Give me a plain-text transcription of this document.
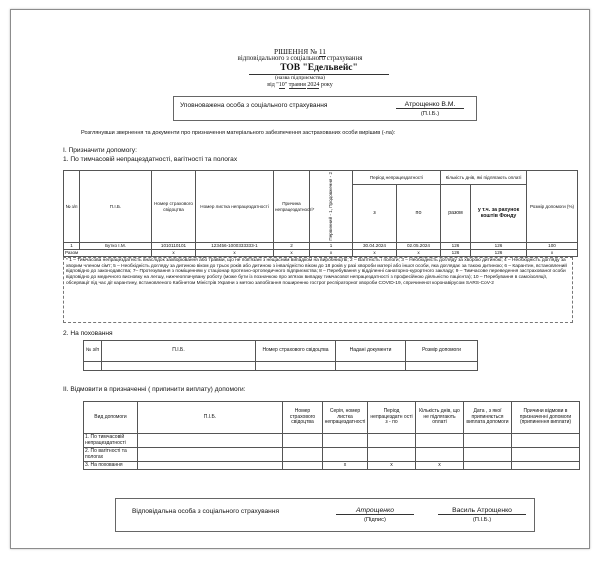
РІШЕННЯ № 11
відповідального з соціального страхування
ТОВ "Едельвейс"
(назва підприємства)
від "10" травня 2024 року
Уповноважена особа з соціального страхування	Атрощенко В.М.
(П.І.Б.)
Розглянувши звернення та документи про призначення матеріального забезпечення застрахованих особи вирішив (-ла):
І. Призначити допомогу:
1. По тимчасовій непрацездатності, вагітності та пологах
№ з/п	П.І.Б.	Номер страхового свідоцтва	Номер листка непрацездатності	Причина непрацездатності*	Первинний - 1, Продовження - 2	Період непрацездатності		Кількість днів, які підлягають оплаті		Розмір допомоги (%)
						з	по	разом	у т.ч. за рахунок коштів Фонду	
1	Бутко І.М.	1010110101	123456-1000333333-1	2	1	30.04.2024	02.05.2024	126	126	100
Разом		x	x	x	x	x	x	126	126	x
* 1 – Тимчасова непрацездатність внаслідок захворювання або травми, що не пов'язані з нещасним випадком на виробництві; 2 – Вагітність і пологи; 3 – Необхідність догляду за хворою дитиною; 4 – Необхідність догляду за хворим членом сім'ї; 5 – Необхідність догляду за дитиною віком до трьох років або дитиною з інвалідністю віком до 18 років у разі хвороби матері або іншої особи, яка доглядає за такою дитиною; 6 – Карантин, встановлений відповідно до законодавства; 7– Протезування з поміщенням у стаціонар протезно-ортопедичного підприємства; 8 – Перебування у відділенні санаторно-курортного закладу; 9 – Тимчасове переведення застрахованої особи відповідно до медичного висновку на легшу, нижчеоплачувану роботу (може бути із позначкою про зв'язок випадку тимчасової непрацездатності з професійною діяльністю пацієнта); 10 – Перебування в самоізоляції, обсервації під час дії карантину, встановленого Кабінетом Міністрів України з метою запобігання поширенню гострої респіраторної хвороби COVID-19, спричиненої коронавірусом SARS-CoV-2
2. На поховання
№ з/п	П.І.Б.	Номер страхового свідоцтва	Надані документи	Розмір допомоги

ІІ. Відмовити в призначенні ( припинити виплату) допомоги:
Вид допомоги	П.І.Б.	Номер страхового свідоцтва	Серія, номер листка непрацездатності	Період непрацездатн ості з - по	Кількість днів, що не підлягають оплаті	Дата , з якої припиняється виплата допомоги	Причини відмови в призначенні допомоги (припинення виплати)
1. По тимчасовій непрацездатності							
2. По вагітності та пологах							
3. На поховання			х	х	х		
Відповідальна особа з соціального страхування	Атрощенко
(Підпис)
Василь Атрощенко
(П.І.Б.)
